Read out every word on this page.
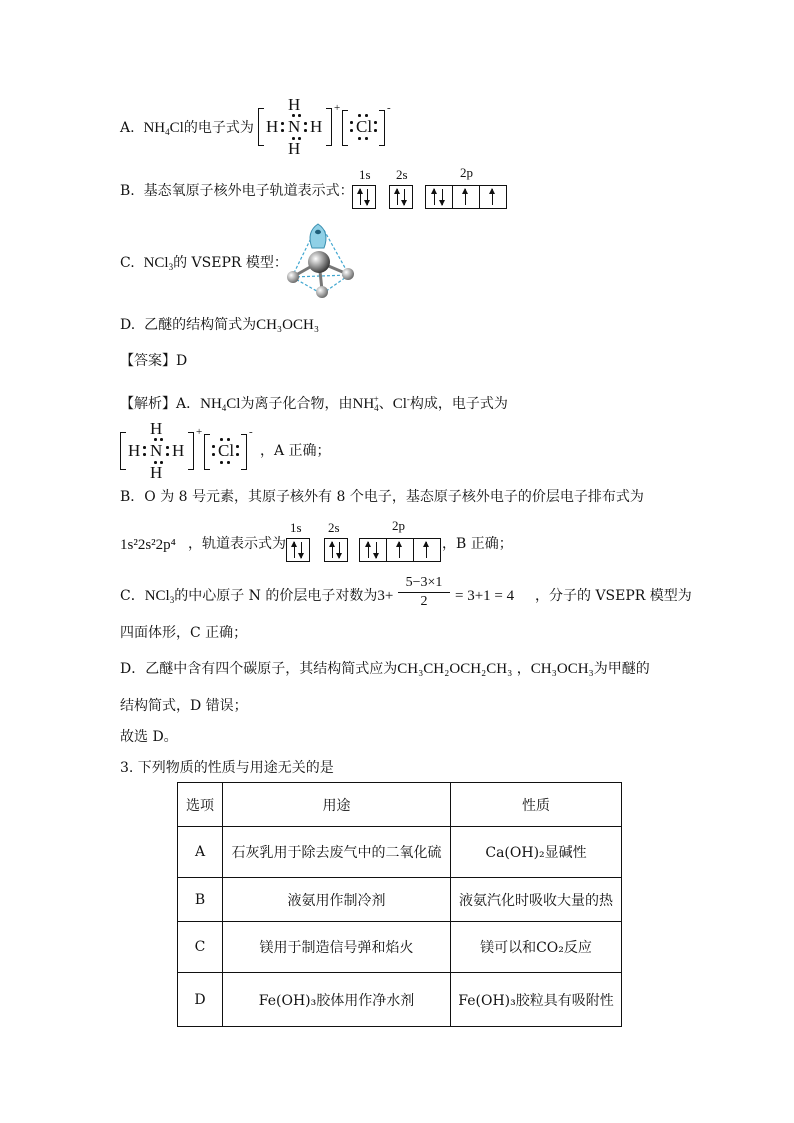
A. $NH_4Cl$的电子式为
H
H N H
H
+
Cl
-
B. 基态氧原子核外电子轨道表示式：
1s 2s	2p
C. NCl$_3$的 VSEPR 模型：
D. 乙醚的结构简式为CH₃OCH₃
【答案】D
【解析】A．$NH_4Cl$为离子化合物，由$NH_4^+$、Cl-构成，电子式为
H
H N H
H
+
Cl
-
，A 正确；
B．O 为 8 号元素，其原子核外有 8 个电子，基态原子核外电子的价层电子排布式为
1s²2s²2p⁴ ，轨道表示式为
1s 2s	2p
，B 正确；
C．NCl$_3$的中心原子 N 的价层电子对数为$3+ \frac{5-3\times 1}{2} = 3+1 = 4$ ，分子的 VSEPR 模型为
四面体形，C 正确；
D．乙醚中含有四个碳原子，其结构简式应为CH₃CH₂OCH₂CH₃ ，CH₃OCH₃为甲醚的
结构简式，D 错误；
故选 D。
3. 下列物质的性质与用途无关的是
选项	用途	性质
A	石灰乳用于除去废气中的二氧化硫	Ca(OH)₂显碱性
B	液氨用作制冷剂	液氨汽化时吸收大量的热
C	镁用于制造信号弹和焰火	镁可以和CO₂反应
D	Fe(OH)₃胶体用作净水剂	Fe(OH)₃胶粒具有吸附性
